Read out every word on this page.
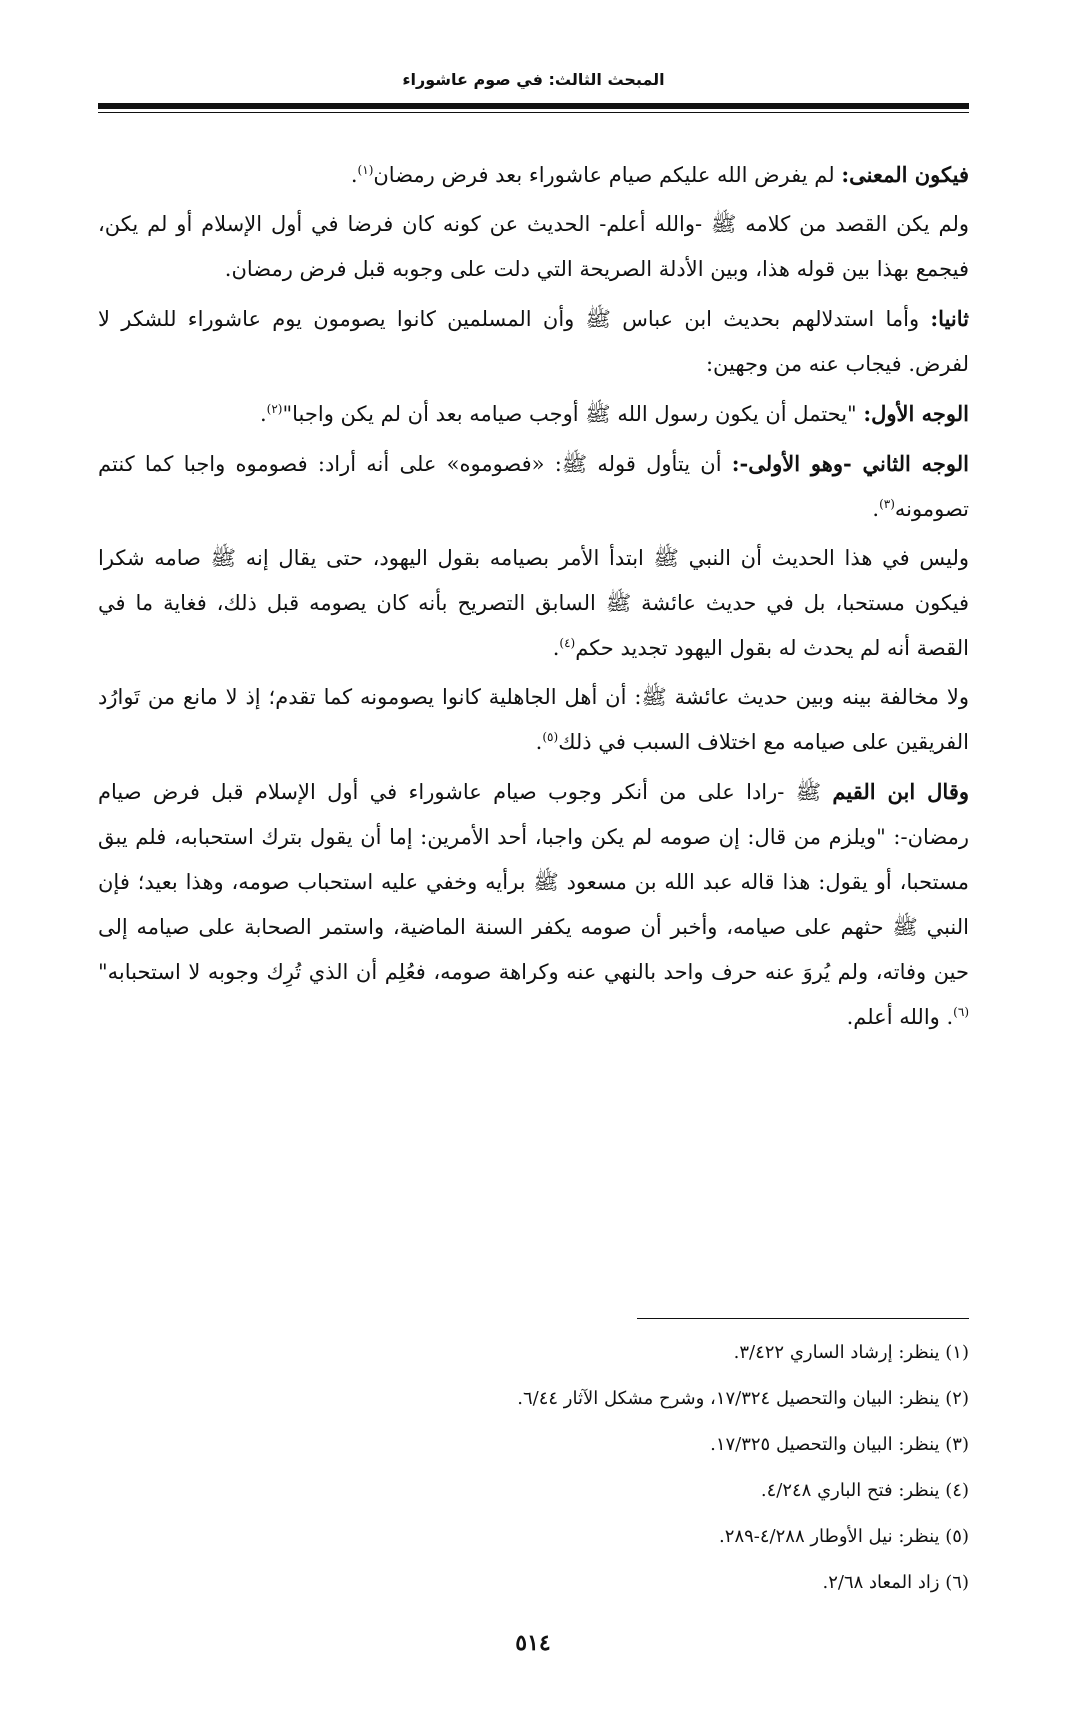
المبحث الثالث: في صوم عاشوراء

فيكون المعنى: لم يفرض الله عليكم صيام عاشوراء بعد فرض رمضان$^{(١)}$.

ولم يكن القصد من كلامه ﷺ -والله أعلم- الحديث عن كونه كان فرضا في أول الإسلام أو لم يكن، فيجمع بهذا بين قوله هذا، وبين الأدلة الصريحة التي دلت على وجوبه قبل فرض رمضان.

ثانيا: وأما استدلالهم بحديث ابن عباس ﷺ وأن المسلمين كانوا يصومون يوم عاشوراء للشكر لا لفرض. فيجاب عنه من وجهين:

الوجه الأول: "يحتمل أن يكون رسول الله ﷺ أوجب صيامه بعد أن لم يكن واجبا"$^{(٢)}$.

الوجه الثاني -وهو الأولى-: أن يتأول قوله ﷺ: «فصوموه» على أنه أراد: فصوموه واجبا كما كنتم تصومونه$^{(٣)}$.

وليس في هذا الحديث أن النبي ﷺ ابتدأ الأمر بصيامه بقول اليهود، حتى يقال إنه ﷺ صامه شكرا فيكون مستحبا، بل في حديث عائشة ﷺ السابق التصريح بأنه كان يصومه قبل ذلك، فغاية ما في القصة أنه لم يحدث له بقول اليهود تجديد حكم$^{(٤)}$.

ولا مخالفة بينه وبين حديث عائشة ﷺ: أن أهل الجاهلية كانوا يصومونه كما تقدم؛ إذ لا مانع من تَوارُد الفريقين على صيامه مع اختلاف السبب في ذلك$^{(٥)}$.

وقال ابن القيم ﷺ -رادا على من أنكر وجوب صيام عاشوراء في أول الإسلام قبل فرض صيام رمضان-: "ويلزم من قال: إن صومه لم يكن واجبا، أحد الأمرين: إما أن يقول بترك استحبابه، فلم يبق مستحبا، أو يقول: هذا قاله عبد الله بن مسعود ﷺ برأيه وخفي عليه استحباب صومه، وهذا بعيد؛ فإن النبي ﷺ حثهم على صيامه، وأخبر أن صومه يكفر السنة الماضية، واستمر الصحابة على صيامه إلى حين وفاته، ولم يُروَ عنه حرف واحد بالنهي عنه وكراهة صومه، فعُلِم أن الذي تُرِك وجوبه لا استحبابه"$^{(٦)}$. والله أعلم.

(١) ينظر: إرشاد الساري ٣/٤٢٢.
(٢) ينظر: البيان والتحصيل ١٧/٣٢٤، وشرح مشكل الآثار ٦/٤٤.
(٣) ينظر: البيان والتحصيل ١٧/٣٢٥.
(٤) ينظر: فتح الباري ٤/٢٤٨.
(٥) ينظر: نيل الأوطار ٤/٢٨٨-٢٨٩.
(٦) زاد المعاد ٢/٦٨.
٥١٤
